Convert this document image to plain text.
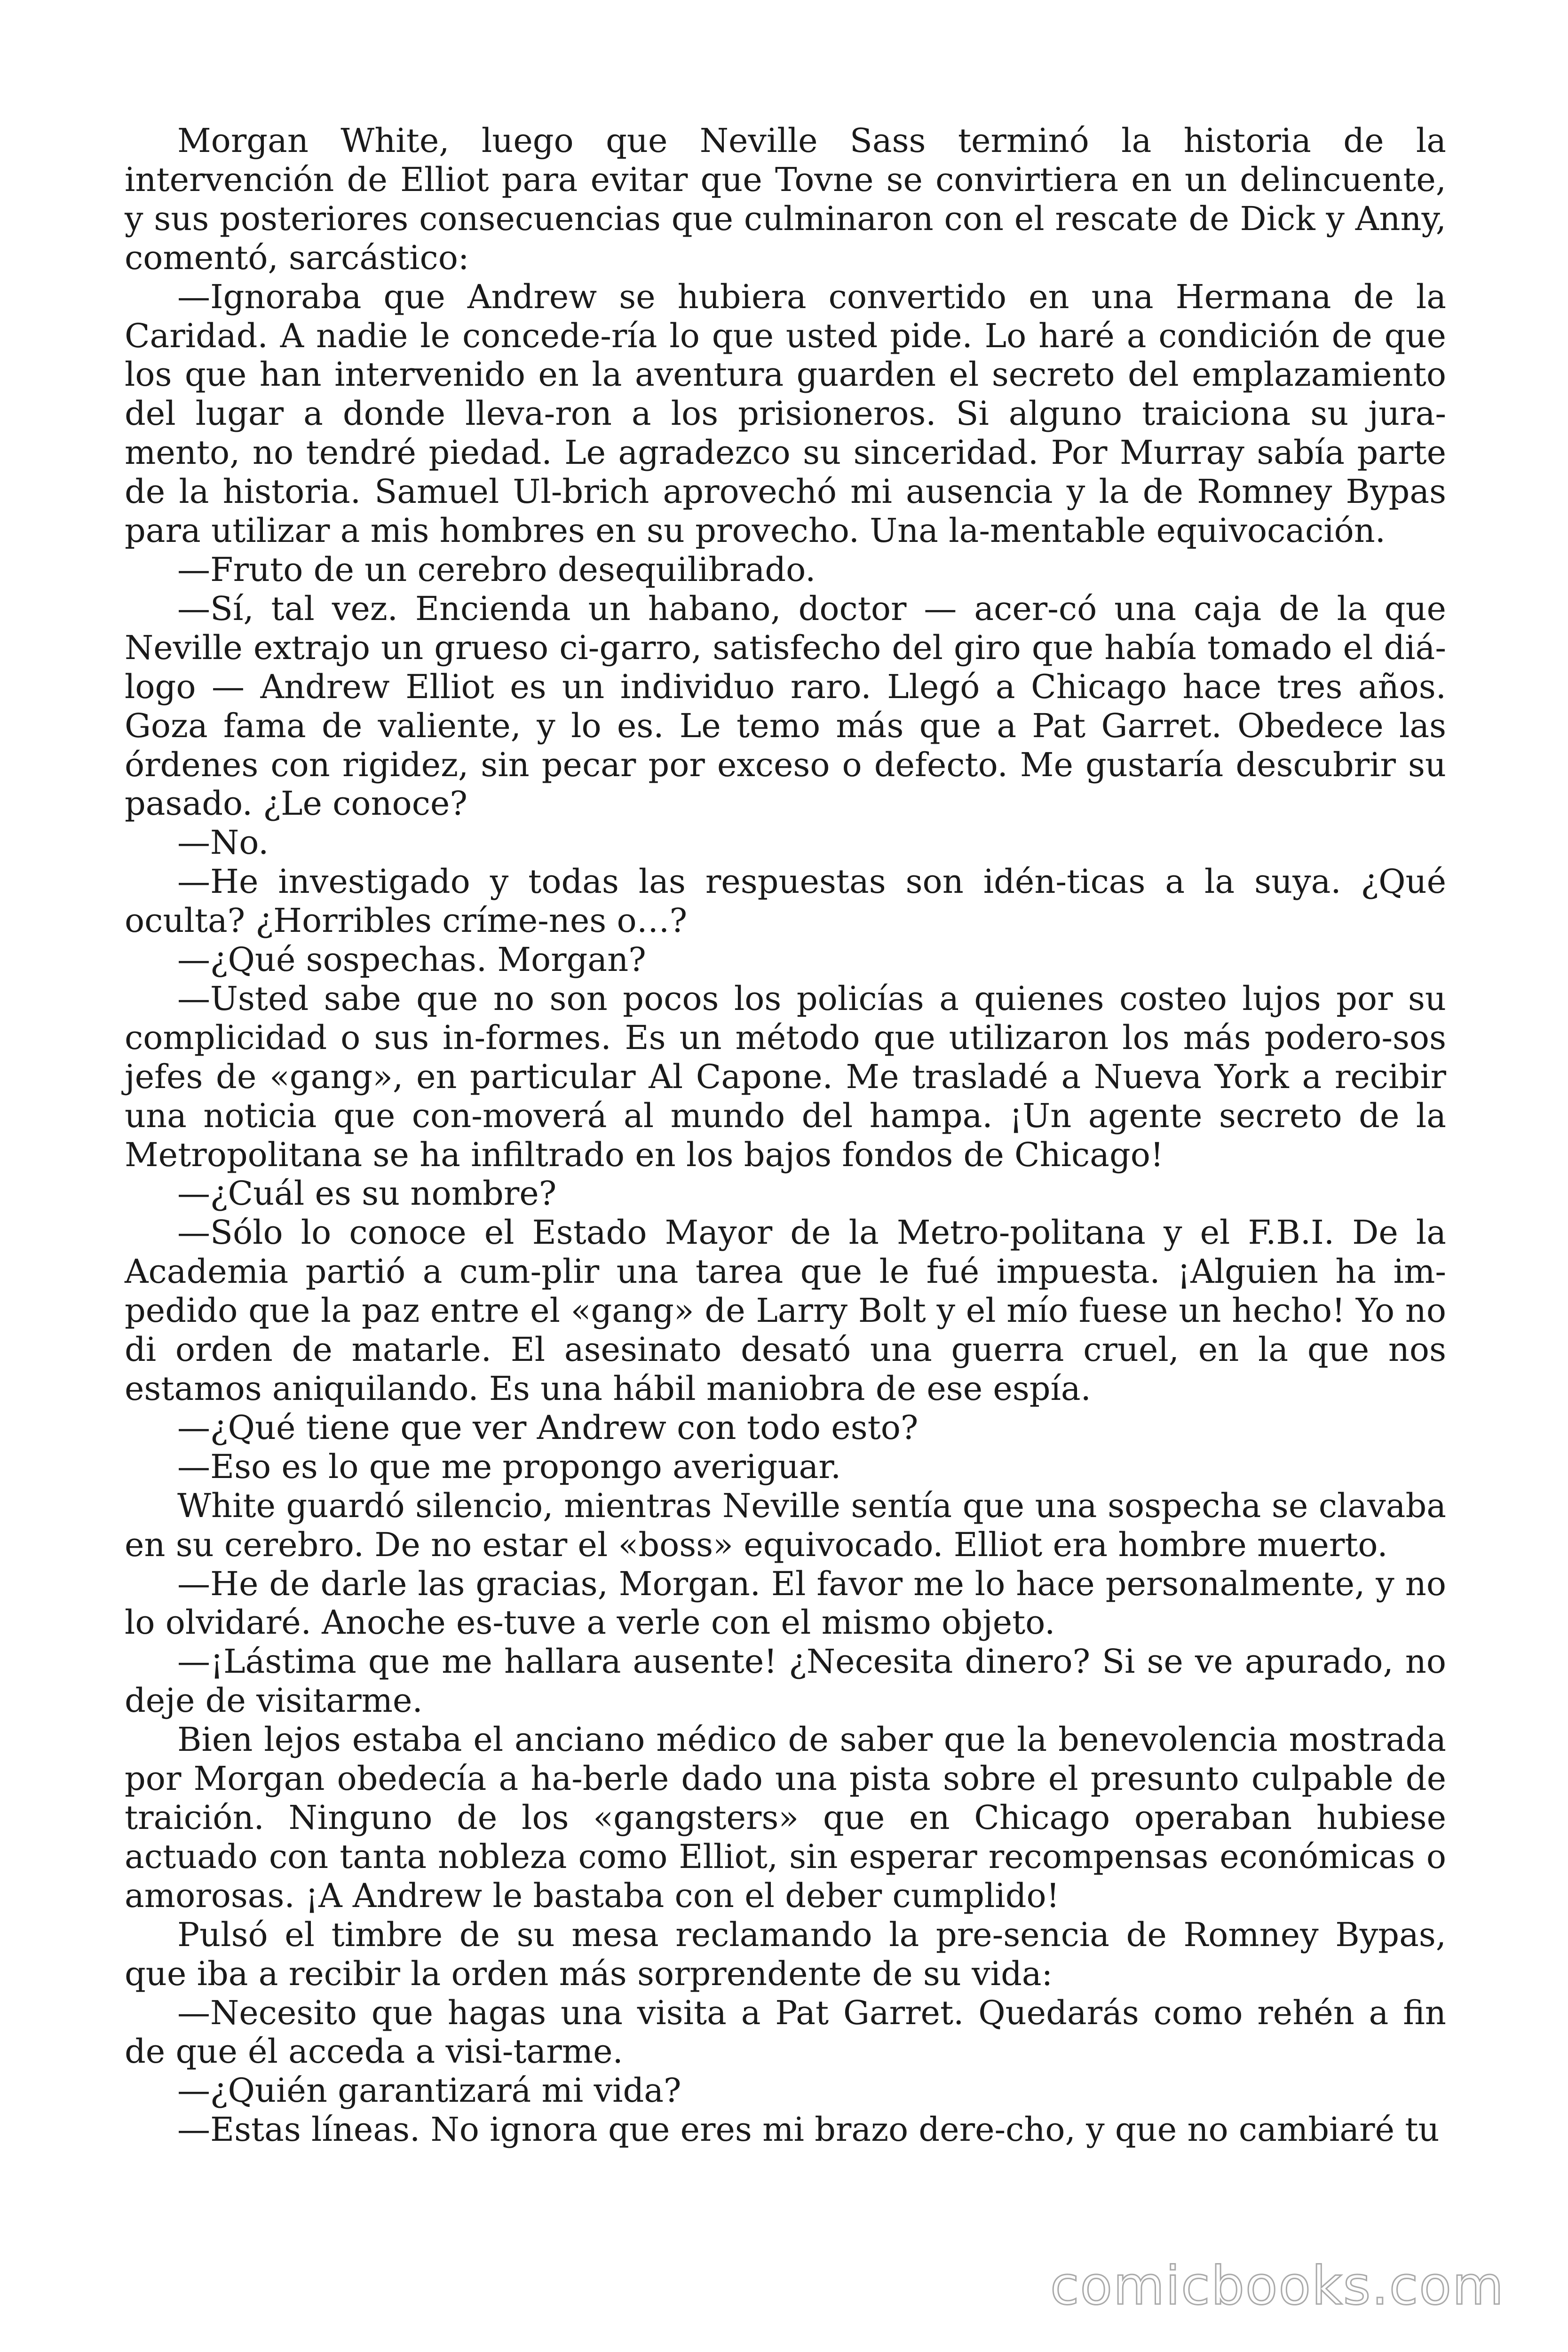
Morgan White, luego que Neville Sass terminó la historia de la intervención de Elliot para evitar que Tovne se convirtiera en un delincuente, y sus posteriores consecuencias que culminaron con el rescate de Dick y Anny, comentó, sarcástico:

—Ignoraba que Andrew se hubiera convertido en una Hermana de la Caridad. A nadie le concede-ría lo que usted pide. Lo haré a condición de que los que han intervenido en la aventura guarden el secreto del emplazamiento del lugar a donde lleva-ron a los prisioneros. Si alguno traiciona su jura-mento, no tendré piedad. Le agradezco su sinceridad. Por Murray sabía parte de la historia. Samuel Ul-brich aprovechó mi ausencia y la de Romney Bypas para utilizar a mis hombres en su provecho. Una la-mentable equivocación.

—Fruto de un cerebro desequilibrado.

—Sí, tal vez. Encienda un habano, doctor — acer-có una caja de la que Neville extrajo un grueso ci-garro, satisfecho del giro que había tomado el diálogo — Andrew Elliot es un individuo raro. Llegó a Chicago hace tres años. Goza fama de valiente, y lo es. Le temo más que a Pat Garret. Obedece las órdenes con rigidez, sin pecar por exceso o defecto. Me gustaría descubrir su pasado. ¿Le conoce?

—No.

—He investigado y todas las respuestas son idén-ticas a la suya. ¿Qué oculta? ¿Horribles críme-nes o…?

—¿Qué sospechas. Morgan?

—Usted sabe que no son pocos los policías a quienes costeo lujos por su complicidad o sus in-formes. Es un método que utilizaron los más podero-sos jefes de «gang», en particular Al Capone. Me trasladé a Nueva York a recibir una noticia que con-moverá al mundo del hampa. ¡Un agente secreto de la Metropolitana se ha infiltrado en los bajos fondos de Chicago!

—¿Cuál es su nombre?

—Sólo lo conoce el Estado Mayor de la Metro-politana y el F.B.I. De la Academia partió a cum-plir una tarea que le fué impuesta. ¡Alguien ha impedido que la paz entre el «gang» de Larry Bolt y el mío fuese un hecho! Yo no di orden de matarle. El asesinato desató una guerra cruel, en la que nos estamos aniquilando. Es una hábil maniobra de ese espía.

—¿Qué tiene que ver Andrew con todo esto?

—Eso es lo que me propongo averiguar.

White guardó silencio, mientras Neville sentía que una sospecha se clavaba en su cerebro. De no estar el «boss» equivocado. Elliot era hombre muerto.

—He de darle las gracias, Morgan. El favor me lo hace personalmente, y no lo olvidaré. Anoche es-tuve a verle con el mismo objeto.

—¡Lástima que me hallara ausente! ¿Necesita dinero? Si se ve apurado, no deje de visitarme.

Bien lejos estaba el anciano médico de saber que la benevolencia mostrada por Morgan obedecía a ha-berle dado una pista sobre el presunto culpable de traición. Ninguno de los «gangsters» que en Chicago operaban hubiese actuado con tanta nobleza como Elliot, sin esperar recompensas económicas o amorosas. ¡A Andrew le bastaba con el deber cumplido!

Pulsó el timbre de su mesa reclamando la pre-sencia de Romney Bypas, que iba a recibir la orden más sorprendente de su vida:

—Necesito que hagas una visita a Pat Garret. Quedarás como rehén a fin de que él acceda a visi-tarme.

—¿Quién garantizará mi vida?

—Estas líneas. No ignora que eres mi brazo dere-cho, y que no cambiaré tu

comicbooks.com
